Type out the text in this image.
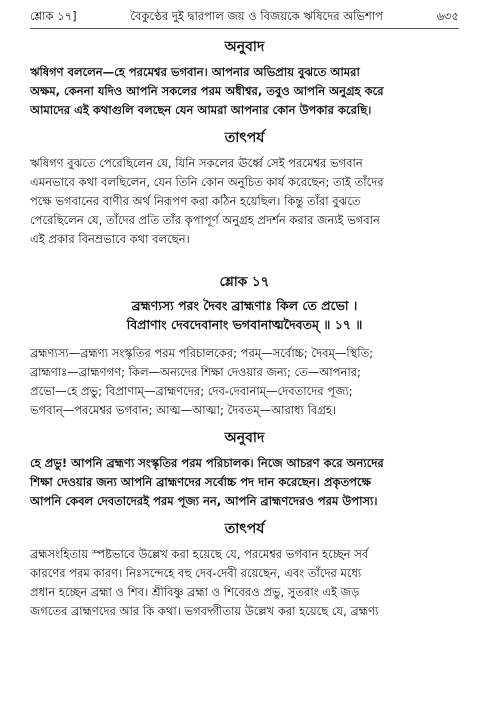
শ্লোক ১৭]	বৈকুণ্ঠের দুই দ্বারপাল জয় ও বিজয়কে ঋষিদের অভিশাপ	৬৩৫
অনুবাদ

ঋষিগণ বললেন—হে পরমেশ্বর ভগবান। আপনার অভিপ্রায় বুঝতে আমরা

অক্ষম, কেননা যদিও আপনি সকলের পরম অধীশ্বর, তবুও আপনি অনুগ্রহ করে

আমাদের এই কথাগুলি বলছেন যেন আমরা আপনার কোন উপকার করেছি।

তাৎপর্য

ঋষিগণ বুঝতে পেরেছিলেন যে, যিনি সকলের ঊর্ধ্বে সেই পরমেশ্বর ভগবান

এমনভাবে কথা বলছিলেন, যেন তিনি কোন অনুচিত কার্য করেছেন; তাই তাঁদের

পক্ষে ভগবানের বাণীর অর্থ নিরূপণ করা কঠিন হয়েছিল। কিন্তু তাঁরা বুঝতে

পেরেছিলেন যে, তাঁদের প্রতি তাঁর কৃপাপূর্ণ অনুগ্রহ প্রদর্শন করার জন্যই ভগবান

এই প্রকার বিনম্রভাবে কথা বলছেন।

শ্লোক ১৭

ব্রহ্মণ্যস্য পরং দৈবং ব্রাহ্মণাঃ কিল তে প্রভো ।

বিপ্রাণাং দেবদেবানাং ভগবানাত্মদৈবতম্ ॥ ১৭ ॥

ব্রহ্মণ্যস্য—ব্রহ্মণ্য সংস্কৃতির পরম পরিচালকের; পরম্—সর্বোচ্চ; দৈবম্—স্থিতি;

ব্রাহ্মণাঃ—ব্রাহ্মণগণ; কিল—অন্যদের শিক্ষা দেওয়ার জন্য; তে—আপনার;

প্রভো—হে প্রভু; বিপ্রাণাম্—ব্রাহ্মণদের; দেব-দেবানাম্—দেবতাদের পূজ্য;

ভগবান্—পরমেশ্বর ভগবান; আত্ম—আত্মা; দৈবতম্—আরাধ্য বিগ্রহ।

অনুবাদ

হে প্রভু! আপনি ব্রহ্মণ্য সংস্কৃতির পরম পরিচালক। নিজে আচরণ করে অন্যদের

শিক্ষা দেওয়ার জন্য আপনি ব্রাহ্মণদের সর্বোচ্চ পদ দান করেছেন। প্রকৃতপক্ষে

আপনি কেবল দেবতাদেরই পরম পূজ্য নন, আপনি ব্রাহ্মণদেরও পরম উপাস্য।

তাৎপর্য

ব্রহ্মসংহিতায় স্পষ্টভাবে উল্লেখ করা হয়েছে যে, পরমেশ্বর ভগবান হচ্ছেন সর্ব

কারণের পরম কারণ। নিঃসন্দেহে বহু দেব-দেবী রয়েছেন, এবং তাঁদের মধ্যে

প্রধান হচ্ছেন ব্রহ্মা ও শিব। শ্রীবিষ্ণু ব্রহ্মা ও শিবেরও প্রভু, সুতরাং এই জড়

জগতের ব্রাহ্মণদের আর কি কথা। ভগবদ্গীতায় উল্লেখ করা হয়েছে যে, ব্রহ্মণ্য
